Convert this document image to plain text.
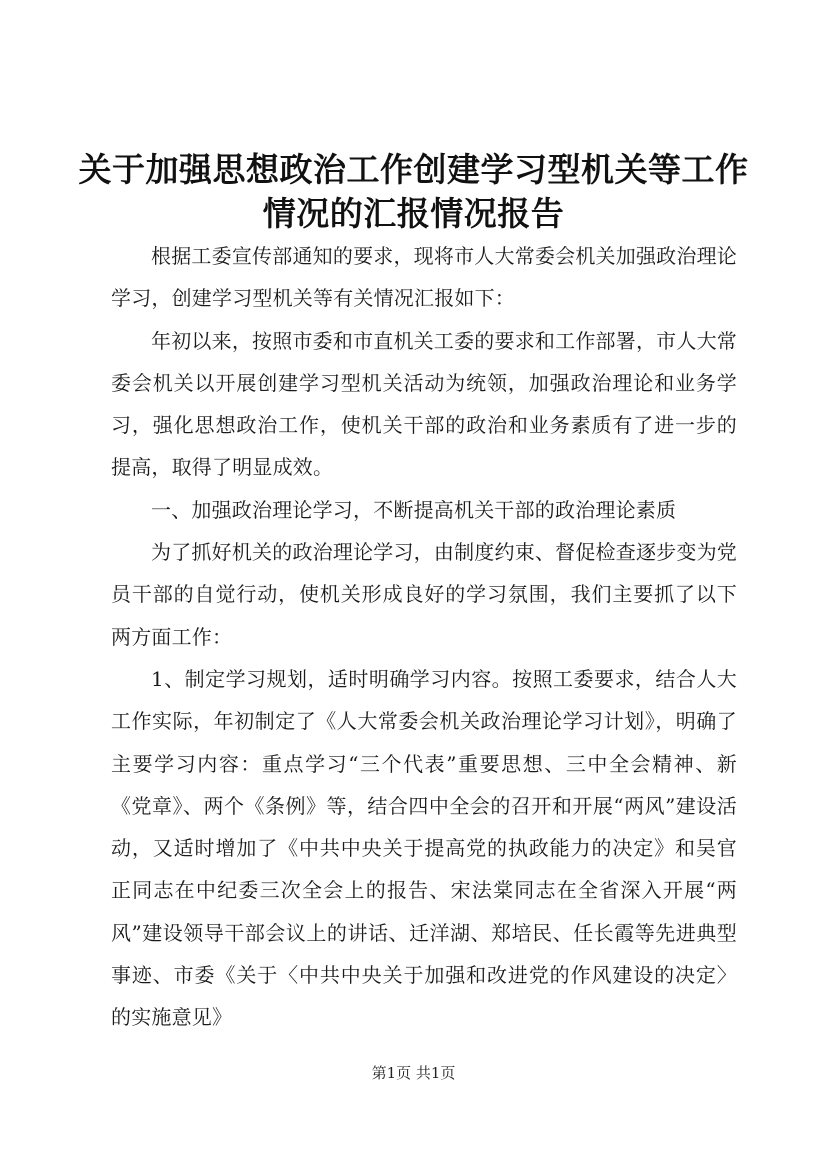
关于加强思想政治工作创建学习型机关等工作
情况的汇报情况报告

根据工委宣传部通知的要求，现将市人大常委会机关加强政治理论学习，创建学习型机关等有关情况汇报如下：

年初以来，按照市委和市直机关工委的要求和工作部署，市人大常委会机关以开展创建学习型机关活动为统领，加强政治理论和业务学习，强化思想政治工作，使机关干部的政治和业务素质有了进一步的提高，取得了明显成效。

一、加强政治理论学习，不断提高机关干部的政治理论素质

为了抓好机关的政治理论学习，由制度约束、督促检查逐步变为党员干部的自觉行动，使机关形成良好的学习氛围，我们主要抓了以下两方面工作：

1、制定学习规划，适时明确学习内容。按照工委要求，结合人大工作实际，年初制定了《人大常委会机关政治理论学习计划》，明确了主要学习内容：重点学习“三个代表”重要思想、三中全会精神、新《党章》、两个《条例》等，结合四中全会的召开和开展“两风”建设活动，又适时增加了《中共中央关于提高党的执政能力的决定》和吴官正同志在中纪委三次全会上的报告、宋法棠同志在全省深入开展“两风”建设领导干部会议上的讲话、迁洋湖、郑培民、任长霞等先进典型事迹、市委《关于〈中共中央关于加强和改进党的作风建设的决定〉的实施意见》

第1页 共1页
